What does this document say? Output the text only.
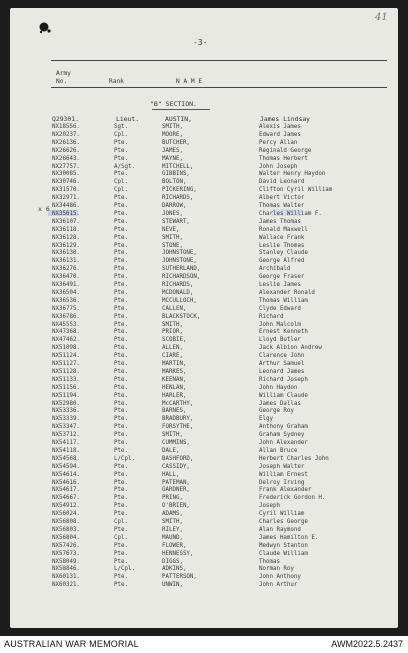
41
-3-
Army
No.	Rank	N A M E
"B" SECTION.
Q29301.	Lieut.	AUSTIN,	James Lindsay
x 6
NX18556.	Sgt.	SMITH,	Alexis James
NX20237.	Cpl.	MOORE,	Edward James
NX26136.	Pte.	BUTCHER,	Percy Allan
NX26626.	Pte.	JAMES,	Reginald George
NX26643.	Pte.	MAYNE,	Thomas Herbert
NX27757.	A/Sgt.	MITCHELL,	John Joseph
NX30085.	Pte.	GIBBINS,	Walter Henry Haydon
NX30746.	Cpl.	BOLTON,	David Leonard
NX31570.	Cpl.	PICKERING,	Clifton Cyril William
NX32971.	Pte.	RICHARDS,	Albert Victor
NX34486.	Pte.	DARROW,	Thomas Walter
NX35615.	Pte.	JONES,	Charles William F.
NX36107.	Pte.	STEWART,	James Thomas
NX36118.	Pte.	NEVE,	Ronald Maxwell
NX36128.	Pte.	SMITH,	Wallace Frank
NX36129.	Pte.	STONE,	Leslie Thomas
NX36130.	Pte.	JOHNSTONE,	Stanley Claude
NX36131.	Pte.	JOHNSTONE,	George Alfred
NX36276.	Pte.	SUTHERLAND,	Archibald
NX36470.	Pte.	RICHARDSON,	George Fraser
NX36491.	Pte.	RICHARDS,	Leslie James
NX36504.	Pte.	MCDONALD,	Alexander Ronald
NX36536.	Pte.	MCCULLOCH,	Thomas William
NX36775.	Pte.	CALLEN,	Clyde Edward
NX36786.	Pte.	BLACKSTOCK,	Richard
NX45553.	Pte.	SMITH,	John Malcolm
NX47368.	Pte.	PRIOR,	Ernest Kenneth
NX47462.	Pte.	SCOBIE,	Lloyd Butler
NX51098.	Pte.	ALLEN,	Jack Albion Andrew
NX51124.	Pte.	CIARE,	Clarence John
NX51127.	Pte.	MARTIN,	Arthur Samuel
NX51128.	Pte.	MARKES,	Leonard James
NX51133.	Pte.	KEENAN,	Richard Joseph
NX51156.	Pte.	HENLAN,	John Haydon
NX51194.	Pte.	HARLER,	William Claude
NX52980.	Pte.	McCARTHY,	James Dallas
NX53336.	Pte.	BARNES,	George Roy
NX53339.	Pte.	BRADBURY,	Elgy
NX53347.	Pte.	FORSYTHE,	Anthony Graham
NX53712.	Pte.	SMITH,	Graham Sydney
NX54117.	Pte.	CUMMINS,	John Alexander
NX54118.	Pte.	DALE,	Allan Bruce
NX54568.	L/Cpl.	BASHFORD,	Herbert Charles John
NX54594.	Pte.	CASSIDY,	Joseph Walter
NX54614.	Pte.	HALL,	William Ernest
NX54616.	Pte.	PATEMAN,	Delroy Irving
NX54617.	Pte.	GARDNER,	Frank Alexander
NX54667.	Pte.	PRING,	Frederick Gordon H.
NX54912.	Pte.	O'BRIEN,	Joseph
NX56024.	Pte.	ADAMS,	Cyril William
NX56808.	Cpl.	SMITH,	Charles George
NX56803.	Pte.	RILEY,	Alan Raymond
NX56804.	Cpl.	MAUND,	James Hamilton E.
NX57426.	Pte.	FLOWER,	Medwyn Stanton
NX57673.	Pte.	HENNESSY,	Claude William
NX58049.	Pte.	DIGGS,	Thomas
NX58846.	L/Cpl.	ADKINS,	Norman Roy
NX60131.	Pte.	PATTERSON,	John Anthony
NX60321.	Pte.	UNWIN,	John Arthur
AUSTRALIAN WAR MEMORIAL	AWM2022.5.2437
